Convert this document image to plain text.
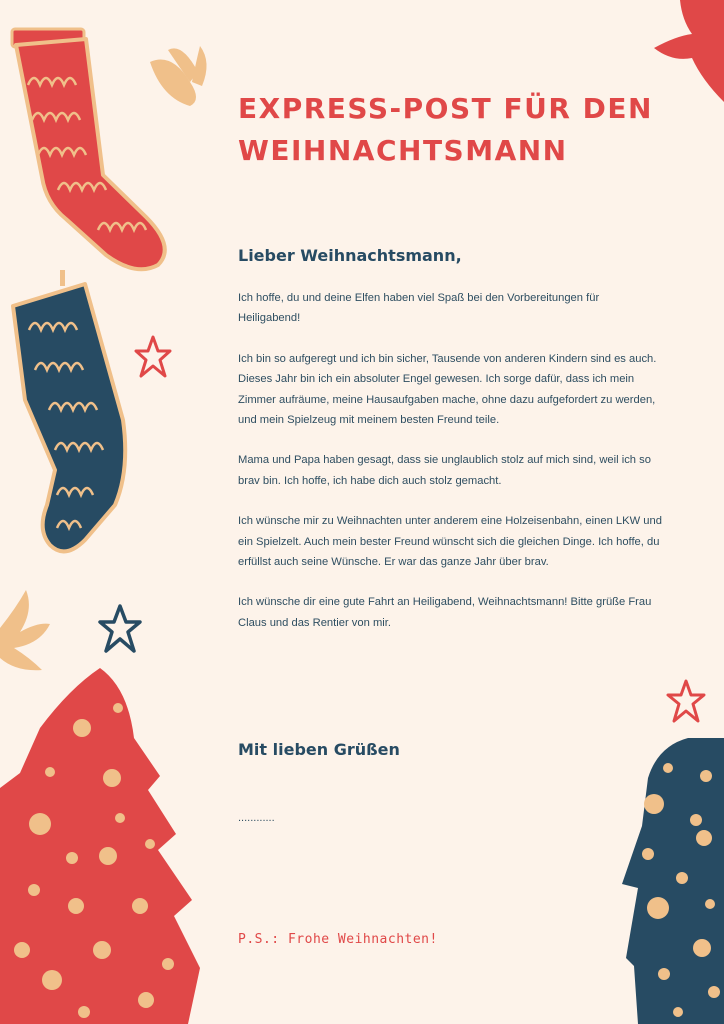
EXPRESS-POST FÜR DEN WEIHNACHTSMANN
Lieber Weihnachtsmann,

Ich hoffe, du und deine Elfen haben viel Spaß bei den Vorbereitungen für Heiligabend!

Ich bin so aufgeregt und ich bin sicher, Tausende von anderen Kindern sind es auch. Dieses Jahr bin ich ein absoluter Engel gewesen. Ich sorge dafür, dass ich mein Zimmer aufräume, meine Hausaufgaben mache, ohne dazu aufgefordert zu werden, und mein Spielzeug mit meinem besten Freund teile.

Mama und Papa haben gesagt, dass sie unglaublich stolz auf mich sind, weil ich so brav bin. Ich hoffe, ich habe dich auch stolz gemacht.

Ich wünsche mir zu Weihnachten unter anderem eine Holzeisenbahn, einen LKW und ein Spielzelt. Auch mein bester Freund wünscht sich die gleichen Dinge. Ich hoffe, du erfüllst auch seine Wünsche. Er war das ganze Jahr über brav.

Ich wünsche dir eine gute Fahrt an Heiligabend, Weihnachtsmann! Bitte grüße Frau Claus und das Rentier von mir.

Mit lieben Grüßen

............

P.S.: Frohe Weihnachten!
